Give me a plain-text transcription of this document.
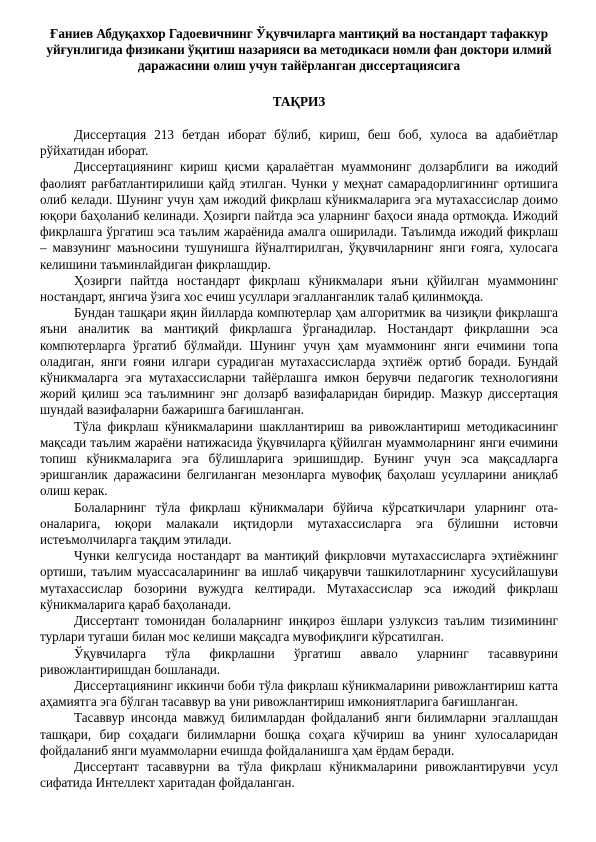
Ғаниев Абдуқаххор Гадоевичнинг Ўқувчиларга мантиқий ва ностандарт тафаккур уйғунлигида физикани ўқитиш назарияси ва методикаси номли фан доктори илмий даражасини олиш учун тайёрланган диссертациясига

ТАҚРИЗ

Диссертация 213 бетдан иборат бўлиб, кириш, беш боб, хулоса ва адабиётлар рўйхатидан иборат.

Диссертациянинг кириш қисми қаралаётган муаммонинг долзарблиги ва ижодий фаолият рағбатлантирилиши қайд этилган. Чунки у меҳнат самарадорлигининг ортишига олиб келади. Шунинг учун ҳам ижодий фикрлаш кўникмаларига эга мутахассислар доимо юқори баҳоланиб келинади. Ҳозирги пайтда эса уларнинг баҳоси янада ортмоқда. Ижодий фикрлашга ўргатиш эса таълим жараёнида амалга оширилади. Таълимда ижодий фикрлаш – мавзунинг маъносини тушунишга йўналтирилган, ўқувчиларнинг янги ғояга, хулосага келишини таъминлайдиган фикрлашдир.

Ҳозирги пайтда ностандарт фикрлаш кўникмалари яъни қўйилган муаммонинг ностандарт, янгича ўзига хос ечиш усуллари эгалланганлик талаб қилинмоқда.

Бундан ташқари яқин йилларда компютерлар ҳам алгоритмик ва чизиқли фикрлашга яъни аналитик ва мантиқий фикрлашга ўрганадилар. Ностандарт фикрлашни эса компютерларга ўргатиб бўлмайди. Шунинг учун ҳам муаммонинг янги ечимини топа оладиган, янги ғояни илгари сурадиган мутахассисларда эҳтиёж ортиб боради. Бундай кўникмаларга эга мутахассисларни тайёрлашга имкон берувчи педагогик технологияни жорий қилиш эса таълимнинг энг долзарб вазифаларидан биридир. Мазкур диссертация шундай вазифаларни бажаришга бағишланган.

Тўла фикрлаш кўникмаларини шакллантириш ва ривожлантириш методикасининг мақсади таълим жараёни натижасида ўқувчиларга қўйилган муаммоларнинг янги ечимини топиш кўникмаларига эга бўлишларига эришишдир. Бунинг учун эса мақсадларга эришганлик даражасини белгиланган мезонларга мувофиқ баҳолаш усулларини аниқлаб олиш керак.

Болаларнинг тўла фикрлаш кўникмалари бўйича кўрсаткичлари уларнинг ота-оналарига, юқори малакали иқтидорли мутахассисларга эга бўлишни истовчи истеъмолчиларга тақдим этилади.

Чунки келгусида ностандарт ва мантиқий фикрловчи мутахассисларга эҳтиёжнинг ортиши, таълим муассасаларининг ва ишлаб чиқарувчи ташкилотларнинг хусусийлашуви мутахассислар бозорини вужудга келтиради. Мутахассислар эса ижодий фикрлаш кўникмаларига қараб баҳоланади.

Диссертант томонидан болаларнинг инқироз ёшлари узлуксиз таълим тизимининг турлари тугаши билан мос келиши мақсадга мувофиқлиги кўрсатилган.

Ўқувчиларга тўла фикрлашни ўргатиш аввало уларнинг тасаввурини ривожлантиришдан бошланади.

Диссертациянинг иккинчи боби тўла фикрлаш кўникмаларини ривожлантириш катта аҳамиятга эга бўлган тасаввур ва уни ривожлантириш имкониятларига бағишланган.

Тасаввур инсонда мавжуд билимлардан фойдаланиб янги билимларни эгаллашдан ташқари, бир соҳадаги билимларни бошқа соҳага кўчириш ва унинг хулосаларидан фойдаланиб янги муаммоларни ечишда фойдаланишга ҳам ёрдам беради.

Диссертант тасаввурни ва тўла фикрлаш кўникмаларини ривожлантирувчи усул сифатида Интеллект харитадан фойдаланган.
